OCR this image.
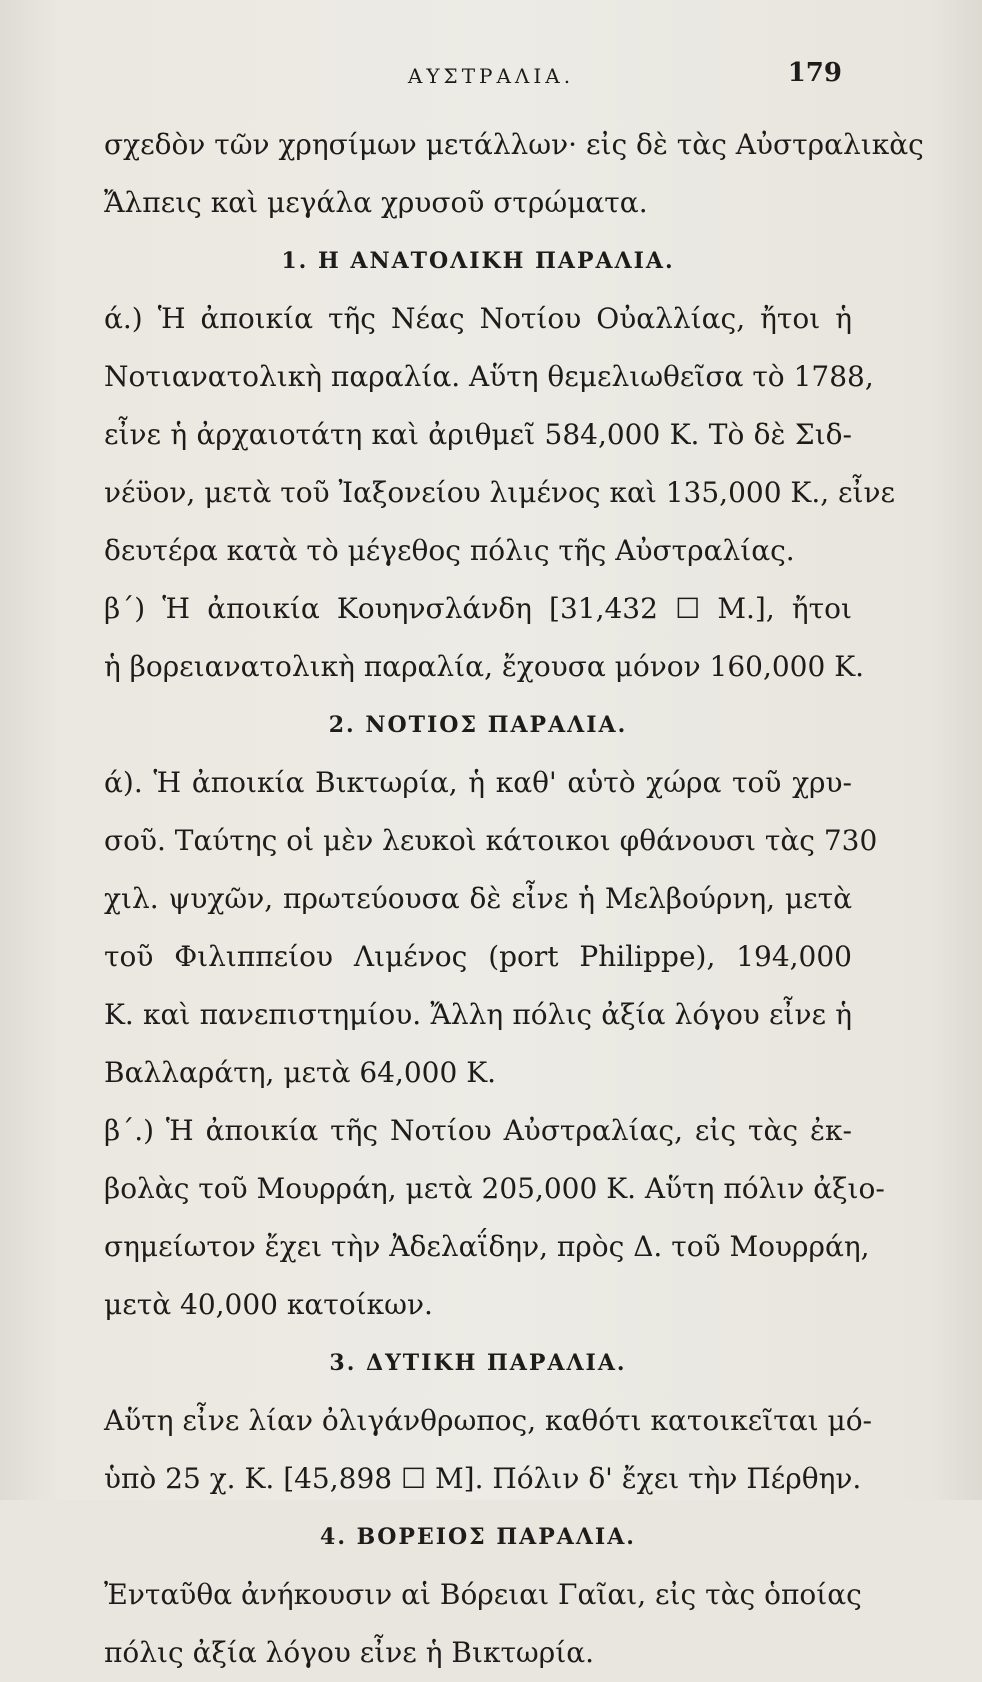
ΑΥΣΤΡΑΛΙΑ.	179
σχεδὸν τῶν χρησίμων μετάλλων· εἰς δὲ τὰς Αὐστραλικὰς
Ἄλπεις καὶ μεγάλα χρυσοῦ στρώματα.
1. Η ΑΝΑΤΟΛΙΚΗ ΠΑΡΑΛΙΑ.
ά.) Ἡ ἀποικία τῆς Νέας Νοτίου Οὐαλλίας, ἤτοι ἡ
Νοτιανατολικὴ παραλία. Αὕτη θεμελιωθεῖσα τὸ 1788,
εἶνε ἡ ἀρχαιοτάτη καὶ ἀριθμεῖ 584,000 Κ. Τὸ δὲ Σιδ-
νέϋον, μετὰ τοῦ Ἰαξονείου λιμένος καὶ 135,000 Κ., εἶνε
δευτέρα κατὰ τὸ μέγεθος πόλις τῆς Αὐστραλίας.
β΄) Ἡ ἀποικία Κουηνσλάνδη [31,432 ☐ Μ.], ἤτοι
ἡ βορειανατολικὴ παραλία, ἔχουσα μόνον 160,000 Κ.
2. ΝΟΤΙΟΣ ΠΑΡΑΛΙΑ.
ά). Ἡ ἀποικία Βικτωρία, ἡ καθ' αὑτὸ χώρα τοῦ χρυ-
σοῦ. Ταύτης οἱ μὲν λευκοὶ κάτοικοι φθάνουσι τὰς 730
χιλ. ψυχῶν, πρωτεύουσα δὲ εἶνε ἡ Μελβούρνη, μετὰ
τοῦ Φιλιππείου Λιμένος (port Philippe), 194,000
Κ. καὶ πανεπιστημίου. Ἄλλη πόλις ἀξία λόγου εἶνε ἡ
Βαλλαράτη, μετὰ 64,000 Κ.
β΄.) Ἡ ἀποικία τῆς Νοτίου Αὐστραλίας, εἰς τὰς ἐκ-
βολὰς τοῦ Μουρράη, μετὰ 205,000 Κ. Αὕτη πόλιν ἀξιο-
σημείωτον ἔχει τὴν Ἀδελαΐδην, πρὸς Δ. τοῦ Μουρράη,
μετὰ 40,000 κατοίκων.
3. ΔΥΤΙΚΗ ΠΑΡΑΛΙΑ.
Αὕτη εἶνε λίαν ὀλιγάνθρωπος, καθότι κατοικεῖται μό-
ὑπὸ 25 χ. Κ. [45,898 ☐ Μ]. Πόλιν δ' ἔχει τὴν Πέρθην.
4. ΒΟΡΕΙΟΣ ΠΑΡΑΛΙΑ.
Ἐνταῦθα ἀνήκουσιν αἱ Βόρειαι Γαῖαι, εἰς τὰς ὁποίας
πόλις ἀξία λόγου εἶνε ἡ Βικτωρία.
